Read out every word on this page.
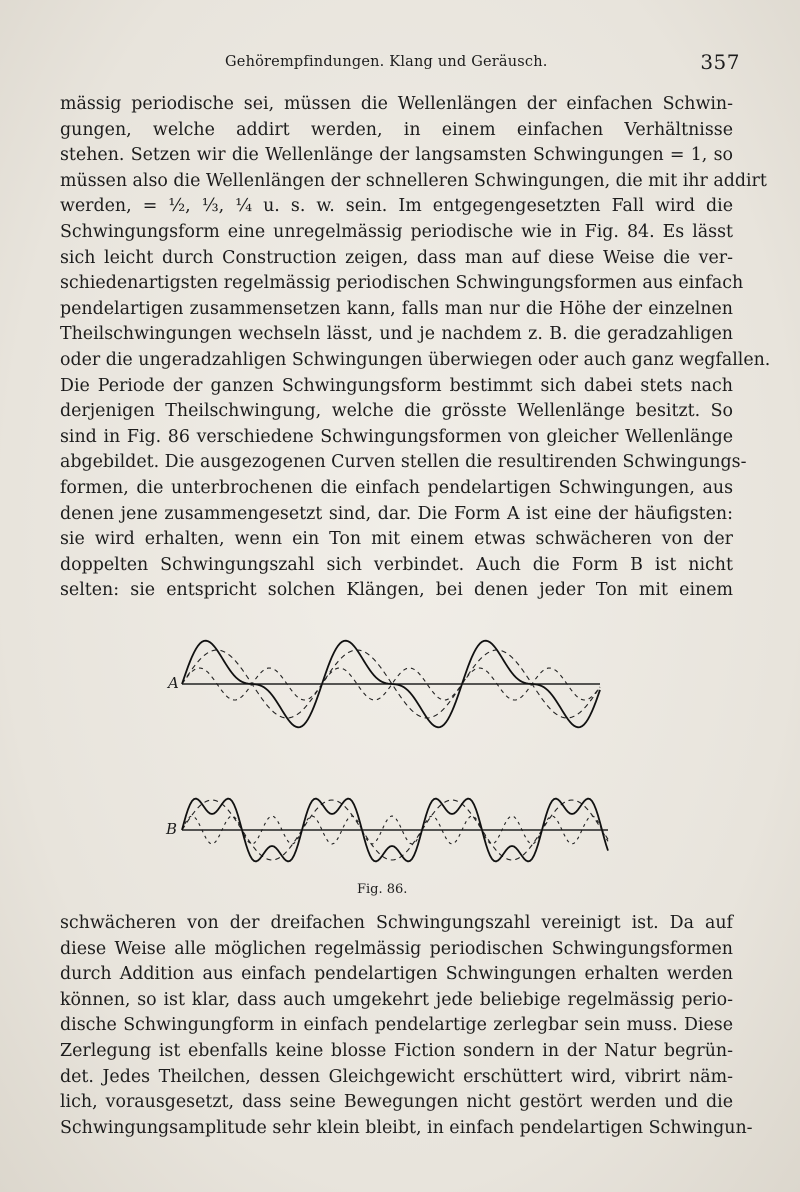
Gehörempfindungen. Klang und Geräusch.	357
mässig periodische sei, müssen die Wellenlängen der einfachen Schwin-
gungen, welche addirt werden, in einem einfachen Verhältnisse
stehen. Setzen wir die Wellenlänge der langsamsten Schwingungen = 1, so
müssen also die Wellenlängen der schnelleren Schwingungen, die mit ihr addirt
werden, = ½, ⅓, ¼ u. s. w. sein. Im entgegengesetzten Fall wird die
Schwingungsform eine unregelmässig periodische wie in Fig. 84. Es lässt
sich leicht durch Construction zeigen, dass man auf diese Weise die ver-
schiedenartigsten regelmässig periodischen Schwingungsformen aus einfach
pendelartigen zusammensetzen kann, falls man nur die Höhe der einzelnen
Theilschwingungen wechseln lässt, und je nachdem z. B. die geradzahligen
oder die ungeradzahligen Schwingungen überwiegen oder auch ganz wegfallen.
Die Periode der ganzen Schwingungsform bestimmt sich dabei stets nach
derjenigen Theilschwingung, welche die grösste Wellenlänge besitzt. So
sind in Fig. 86 verschiedene Schwingungsformen von gleicher Wellenlänge
abgebildet. Die ausgezogenen Curven stellen die resultirenden Schwingungs-
formen, die unterbrochenen die einfach pendelartigen Schwingungen, aus
denen jene zusammengesetzt sind, dar. Die Form A ist eine der häufigsten:
sie wird erhalten, wenn ein Ton mit einem etwas schwächeren von der
doppelten Schwingungszahl sich verbindet. Auch die Form B ist nicht
selten: sie entspricht solchen Klängen, bei denen jeder Ton mit einem
A
B
Fig. 86.
schwächeren von der dreifachen Schwingungszahl vereinigt ist. Da auf
diese Weise alle möglichen regelmässig periodischen Schwingungsformen
durch Addition aus einfach pendelartigen Schwingungen erhalten werden
können, so ist klar, dass auch umgekehrt jede beliebige regelmässig perio-
dische Schwingungform in einfach pendelartige zerlegbar sein muss. Diese
Zerlegung ist ebenfalls keine blosse Fiction sondern in der Natur begrün-
det. Jedes Theilchen, dessen Gleichgewicht erschüttert wird, vibrirt näm-
lich, vorausgesetzt, dass seine Bewegungen nicht gestört werden und die
Schwingungsamplitude sehr klein bleibt, in einfach pendelartigen Schwingun-
